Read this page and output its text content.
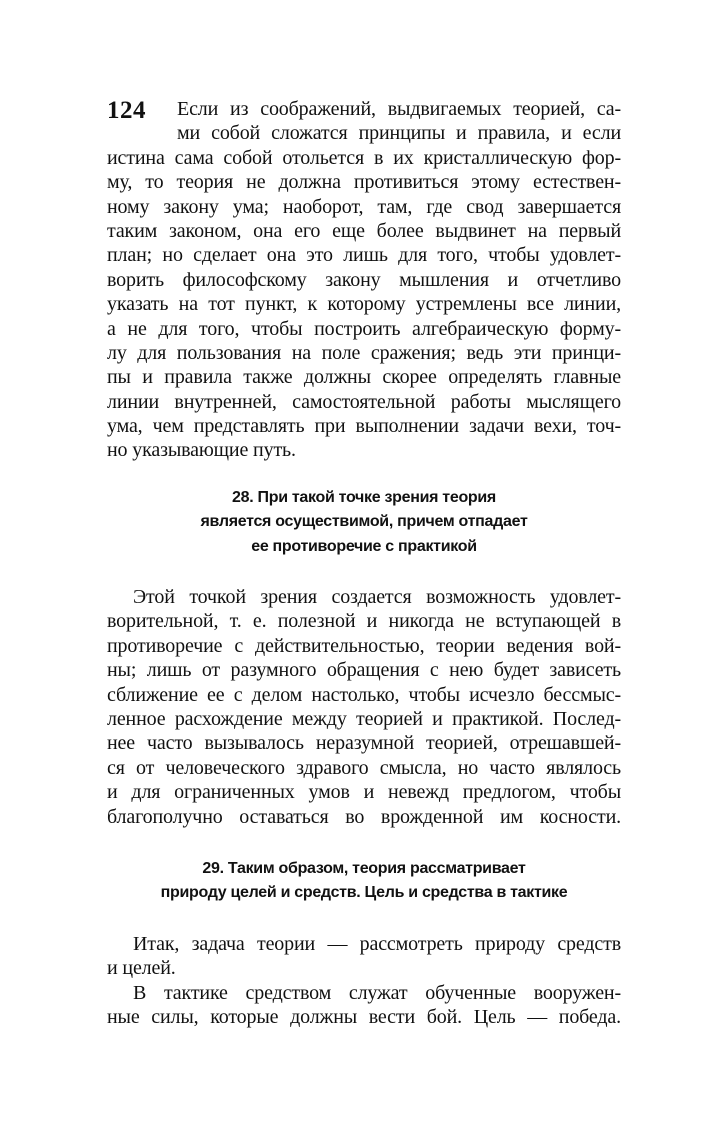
124	Если из соображений, выдвигаемых теорией, са-
ми собой сложатся принципы и правила, и если
истина сама собой отольется в их кристаллическую фор-
му, то теория не должна противиться этому естествен-
ному закону ума; наоборот, там, где свод завершается
таким законом, она его еще более выдвинет на первый
план; но сделает она это лишь для того, чтобы удовлет-
ворить философскому закону мышления и отчетливо
указать на тот пункт, к которому устремлены все линии,
а не для того, чтобы построить алгебраическую форму-
лу для пользования на поле сражения; ведь эти принци-
пы и правила также должны скорее определять главные
линии внутренней, самостоятельной работы мыслящего
ума, чем представлять при выполнении задачи вехи, точ-
но указывающие путь.
28. При такой точке зрения теория
является осуществимой, причем отпадает
ее противоречие с практикой
Этой точкой зрения создается возможность удовлет-
ворительной, т. е. полезной и никогда не вступающей в
противоречие с действительностью, теории ведения вой-
ны; лишь от разумного обращения с нею будет зависеть
сближение ее с делом настолько, чтобы исчезло бессмыс-
ленное расхождение между теорией и практикой. Послед-
нее часто вызывалось неразумной теорией, отрешавшей-
ся от человеческого здравого смысла, но часто являлось
и для ограниченных умов и невежд предлогом, чтобы
благополучно оставаться во врожденной им косности.
29. Таким образом, теория рассматривает
природу целей и средств. Цель и средства в тактике
Итак, задача теории — рассмотреть природу средств
и целей.
В тактике средством служат обученные вооружен-
ные силы, которые должны вести бой. Цель — победа.
